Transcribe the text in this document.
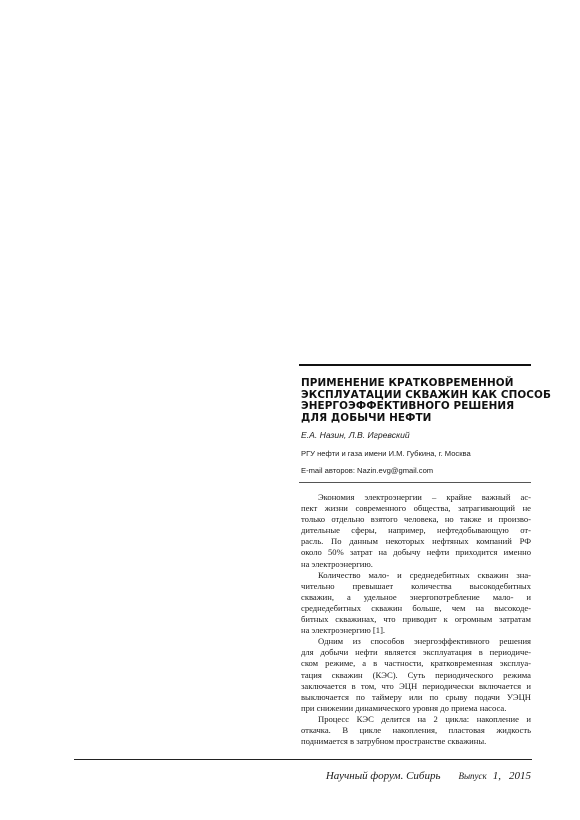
ПРИМЕНЕНИЕ КРАТКОВРЕМЕННОЙ
ЭКСПЛУАТАЦИИ СКВАЖИН КАК СПОСОБ
ЭНЕРГОЭФФЕКТИВНОГО РЕШЕНИЯ
ДЛЯ ДОБЫЧИ НЕФТИ

Е.А. Назин, Л.В. Игревский

РГУ нефти и газа имени И.М. Губкина, г. Москва

E-mail авторов: Nazin.evg@gmail.com

Экономия электроэнергии – крайне важный ас-
пект жизни современного общества, затрагивающий не
только отдельно взятого человека, но также и произво-
дительные сферы, например, нефтедобывающую от-
расль. По данным некоторых нефтяных компаний РФ
около 50% затрат на добычу нефти приходится именно
на электроэнергию.
Количество мало- и среднедебитных скважин зна-
чительно превышает количества высокодебитных
скважин, а удельное энергопотребление мало- и
среднедебитных скважин больше, чем на высокоде-
битных скважинах, что приводит к огромным затратам
на электроэнергию [1].
Одним из способов энергоэффективного решения
для добычи нефти является эксплуатация в периодиче-
ском режиме, а в частности, кратковременная эксплуа-
тация скважин (КЭС). Суть периодического режима
заключается в том, что ЭЦН периодически включается и
выключается по таймеру или по срыву подачи УЭЦН
при снижении динамического уровня до приема насоса.
Процесс КЭС делится на 2 цикла: накопление и
откачка. В цикле накопления, пластовая жидкость
поднимается в затрубном пространстве скважины.
Научный форум. Сибирь Выпуск 1, 2015
